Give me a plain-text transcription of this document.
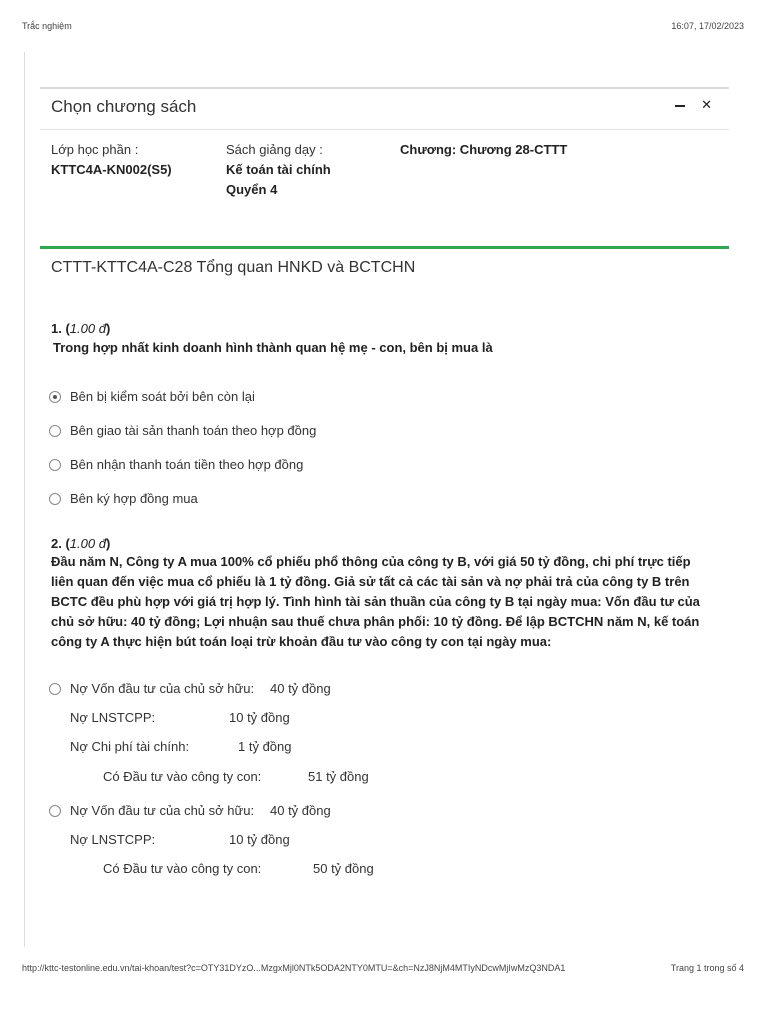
Trắc nghiệm	16:07, 17/02/2023
Chọn chương sách	✕
Lớp học phần :
KTTC4A-KN002(S5)
Sách giảng dạy :
Kế toán tài chính
Quyển 4
Chương: Chương 28-CTTT
CTTT-KTTC4A-C28 Tổng quan HNKD và BCTCHN
1. (1.00 đ)
Trong hợp nhất kinh doanh hình thành quan hệ mẹ - con, bên bị mua là
Bên bị kiểm soát bởi bên còn lại
Bên giao tài sản thanh toán theo hợp đồng
Bên nhận thanh toán tiền theo hợp đồng
Bên ký hợp đồng mua
2. (1.00 đ)
Đầu năm N, Công ty A mua 100% cổ phiếu phổ thông của công ty B, với giá 50 tỷ đồng, chi phí trực tiếp liên quan đến việc mua cổ phiếu là 1 tỷ đồng. Giả sử tất cả các tài sản và nợ phải trả của công ty B trên BCTC đều phù hợp với giá trị hợp lý. Tình hình tài sản thuần của công ty B tại ngày mua: Vốn đầu tư của chủ sở hữu: 40 tỷ đồng; Lợi nhuận sau thuế chưa phân phối: 10 tỷ đồng. Để lập BCTCHN năm N, kế toán công ty A thực hiện bút toán loại trừ khoản đầu tư vào công ty con tại ngày mua:
Nợ Vốn đầu tư của chủ sở hữu: 40 tỷ đồng
Nợ LNSTCPP:	10 tỷ đồng
Nợ Chi phí tài chính:	1 tỷ đồng
Có Đầu tư vào công ty con:	51 tỷ đồng
Nợ Vốn đầu tư của chủ sở hữu: 40 tỷ đồng
Nợ LNSTCPP:	10 tỷ đồng
Có Đầu tư vào công ty con:	50 tỷ đồng
http://kttc-testonline.edu.vn/tai-khoan/test?c=OTY31DYzO...MzgxMjl0NTk5ODA2NTY0MTU=&ch=NzJ8NjM4MTIyNDcwMjIwMzQ3NDA1	Trang 1 trong số 4
